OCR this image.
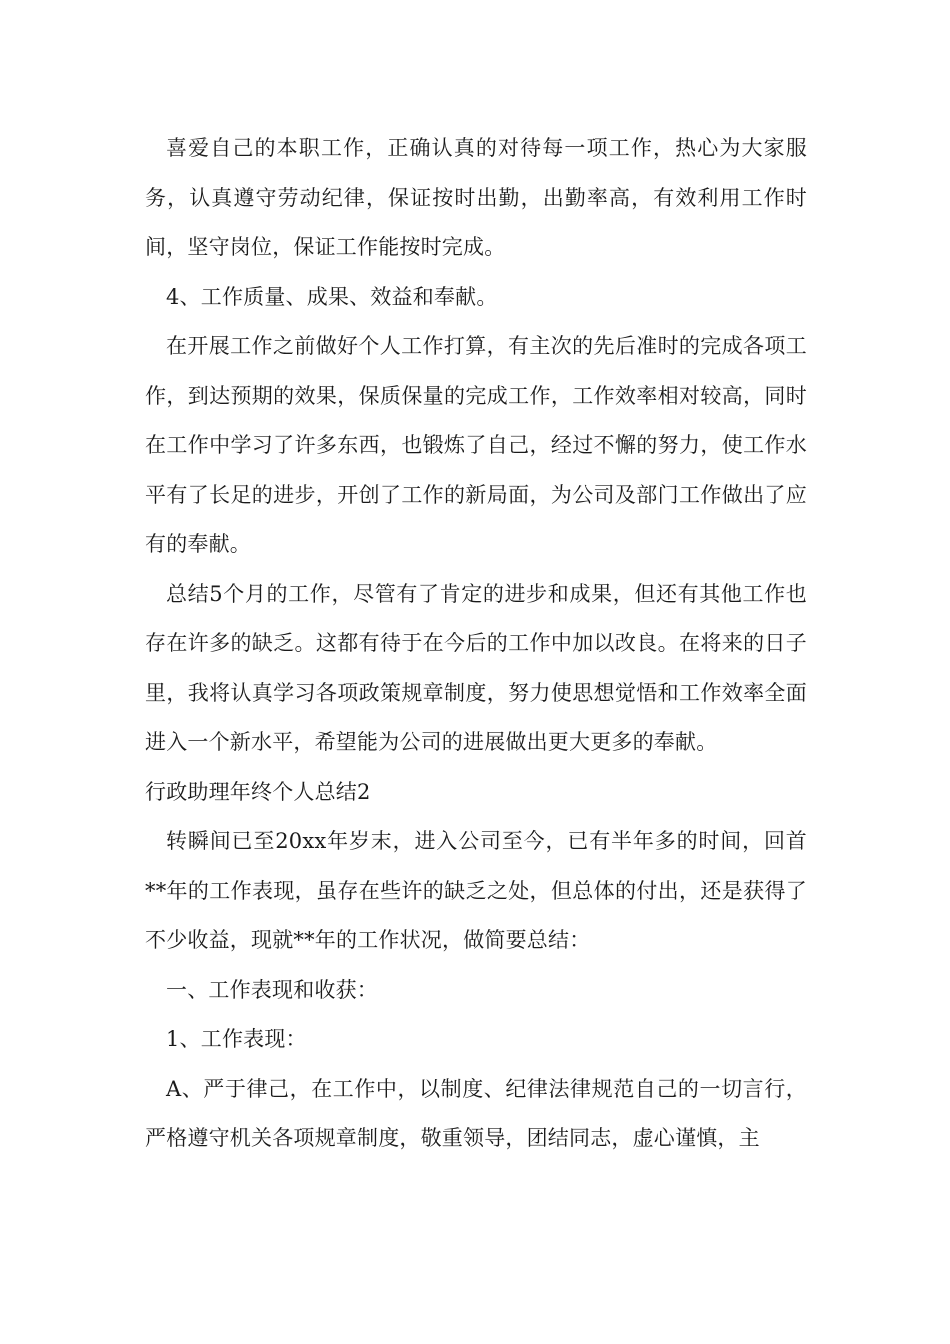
喜爱自己的本职工作，正确认真的对待每一项工作，热心为大家服务，认真遵守劳动纪律，保证按时出勤，出勤率高，有效利用工作时间，坚守岗位，保证工作能按时完成。

4、工作质量、成果、效益和奉献。

在开展工作之前做好个人工作打算，有主次的先后准时的完成各项工作，到达预期的效果，保质保量的完成工作，工作效率相对较高，同时在工作中学习了许多东西，也锻炼了自己，经过不懈的努力，使工作水平有了长足的进步，开创了工作的新局面，为公司及部门工作做出了应有的奉献。

总结5个月的工作，尽管有了肯定的进步和成果，但还有其他工作也存在许多的缺乏。这都有待于在今后的工作中加以改良。在将来的日子里，我将认真学习各项政策规章制度，努力使思想觉悟和工作效率全面进入一个新水平，希望能为公司的进展做出更大更多的奉献。

行政助理年终个人总结2

转瞬间已至20xx年岁末，进入公司至今，已有半年多的时间，回首**年的工作表现，虽存在些许的缺乏之处，但总体的付出，还是获得了不少收益，现就**年的工作状况，做简要总结：

一、工作表现和收获：

1、工作表现：

A、严于律己，在工作中，以制度、纪律法律规范自己的一切言行，严格遵守机关各项规章制度，敬重领导，团结同志，虚心谨慎，主
